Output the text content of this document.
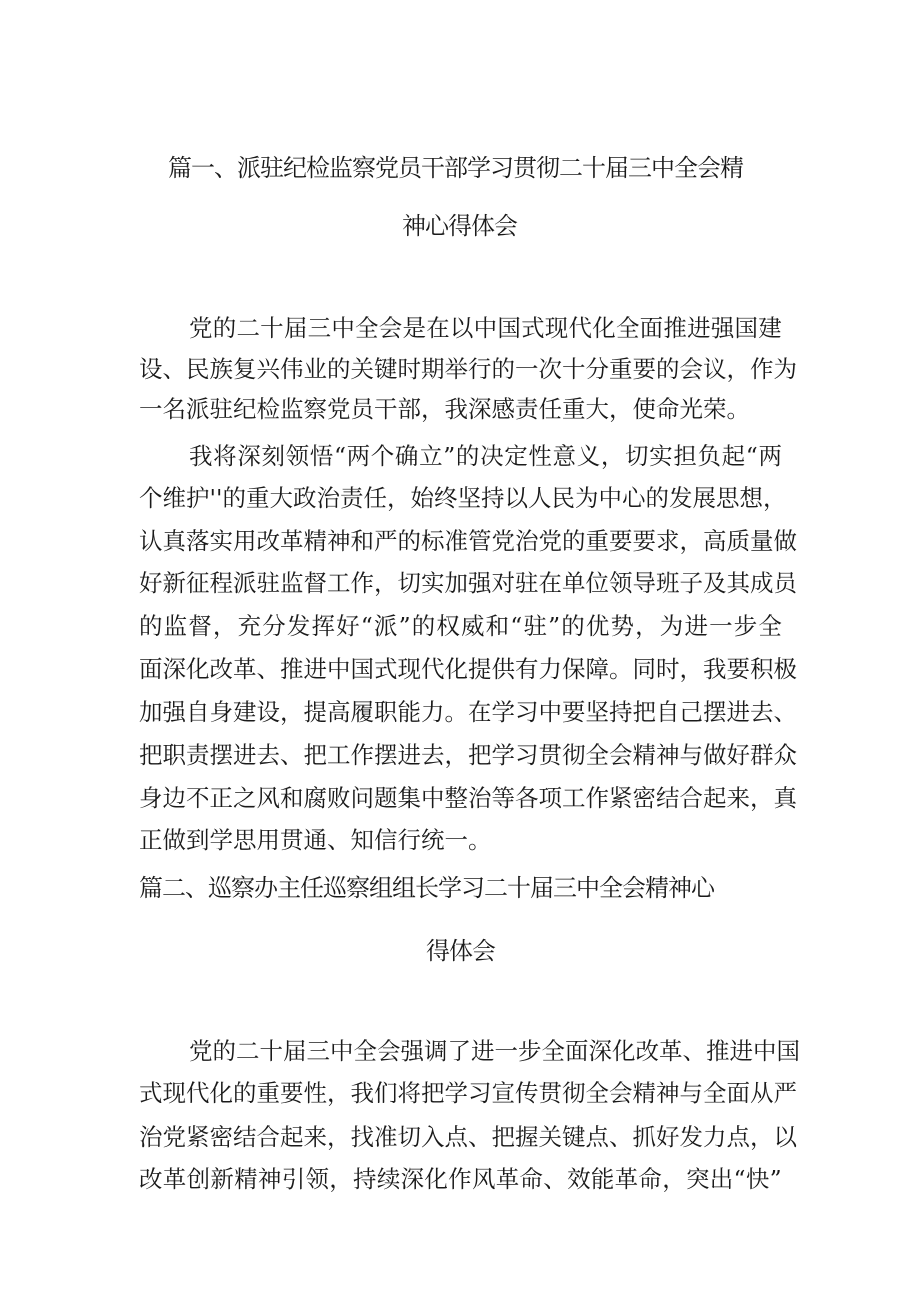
篇一、派驻纪检监察党员干部学习贯彻二十届三中全会精
神心得体会
党 的 二 十 届 三 中 全 会 是 在 以 中 国 式 现 代 化 全 面 推 进 强 国 建
设 、 民 族 复 兴 伟 业 的 关 键 时 期 举 行 的 一 次 十 分 重 要 的 会 议 ， 作 为
一名派驻纪检监察党员干部，我深感责任重大，使命光荣。
我 将 深 刻 领 悟 “ 两 个 确 立 ” 的 决 定 性 意 义 ， 切 实 担 负 起 “ 两
个 维 护 ' ' 的 重 大 政 治 责 任 ， 始 终 坚 持 以 人 民 为 中 心 的 发 展 思 想 ，
认 真 落 实 用 改 革 精 神 和 严 的 标 准 管 党 治 党 的 重 要 要 求 ， 高 质 量 做
好 新 征 程 派 驻 监 督 工 作 ， 切 实 加 强 对 驻 在 单 位 领 导 班 子 及 其 成 员
的 监 督 ， 充 分 发 挥 好 “ 派 ” 的 权 威 和 “ 驻 ” 的 优 势 ， 为 进 一 步 全
面 深 化 改 革 、 推 进 中 国 式 现 代 化 提 供 有 力 保 障 。 同 时 ， 我 要 积 极
加 强 自 身 建 设 ， 提 高 履 职 能 力 。 在 学 习 中 要 坚 持 把 自 己 摆 进 去 、
把 职 责 摆 进 去 、 把 工 作 摆 进 去 ， 把 学 习 贯 彻 全 会 精 神 与 做 好 群 众
身 边 不 正 之 风 和 腐 败 问 题 集 中 整 治 等 各 项 工 作 紧 密 结 合 起 来 ， 真
正做到学思用贯通、知信行统一。
篇二、巡察办主任巡察组组长学习二十届三中全会精神心
得体会
党 的 二 十 届 三 中 全 会 强 调 了 进 一 步 全 面 深 化 改 革 、 推 进 中 国
式 现 代 化 的 重 要 性 ， 我 们 将 把 学 习 宣 传 贯 彻 全 会 精 神 与 全 面 从 严
治 党 紧 密 结 合 起 来 ， 找 准 切 入 点 、 把 握 关 键 点 、 抓 好 发 力 点 ， 以
改 革 创 新 精 神 引 领 ， 持 续 深 化 作 风 革 命 、 效 能 革 命 ， 突 出 “ 快 ”
